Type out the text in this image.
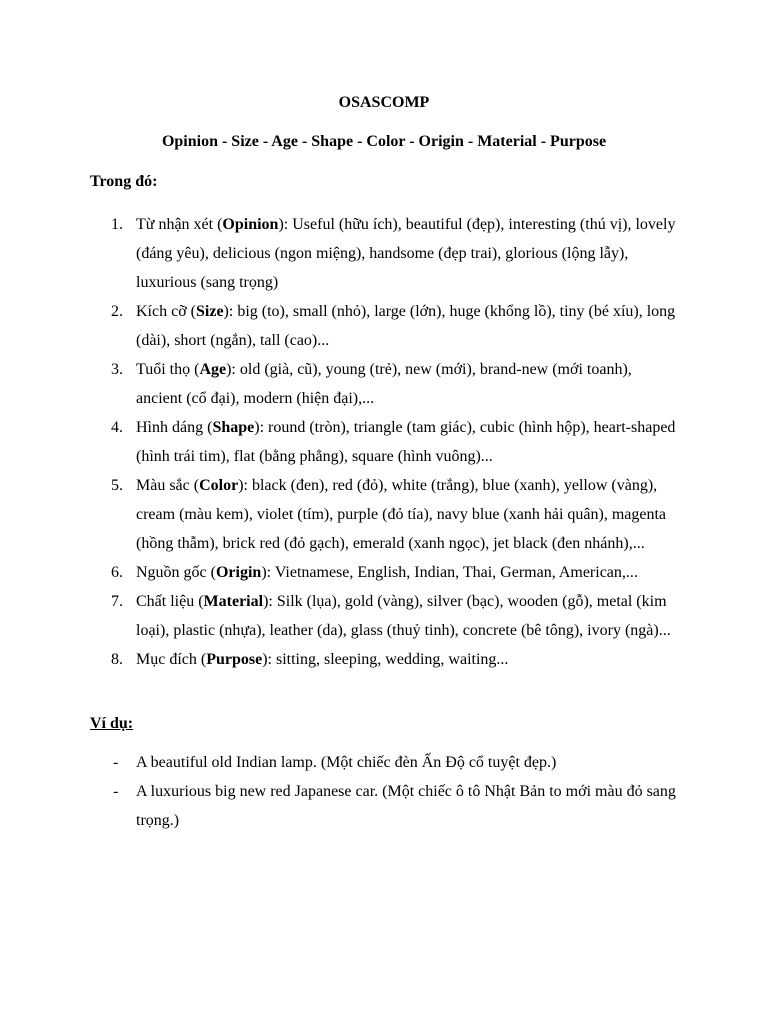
OSASCOMP
Opinion - Size - Age - Shape - Color - Origin - Material - Purpose
Trong đó:
1. Từ nhận xét (Opinion): Useful (hữu ích), beautiful (đẹp), interesting (thú vị), lovely (đáng yêu), delicious (ngon miệng), handsome (đẹp trai), glorious (lộng lẫy), luxurious (sang trọng)
2. Kích cỡ (Size): big (to), small (nhỏ), large (lớn), huge (khổng lồ), tiny (bé xíu), long (dài), short (ngắn), tall (cao)...
3. Tuổi thọ (Age): old (già, cũ), young (trẻ), new (mới), brand-new (mới toanh), ancient (cổ đại), modern (hiện đại),...
4. Hình dáng (Shape): round (tròn), triangle (tam giác), cubic (hình hộp), heart-shaped (hình trái tim), flat (bằng phẳng), square (hình vuông)...
5. Màu sắc (Color): black (đen), red (đỏ), white (trắng), blue (xanh), yellow (vàng), cream (màu kem), violet (tím), purple (đỏ tía), navy blue (xanh hải quân), magenta (hồng thẫm), brick red (đỏ gạch), emerald (xanh ngọc), jet black (đen nhánh),...
6. Nguồn gốc (Origin): Vietnamese, English, Indian, Thai, German, American,...
7. Chất liệu (Material): Silk (lụa), gold (vàng), silver (bạc), wooden (gỗ), metal (kim loại), plastic (nhựa), leather (da), glass (thuỷ tinh), concrete (bê tông), ivory (ngà)...
8. Mục đích (Purpose): sitting, sleeping, wedding, waiting...
Ví dụ:
- A beautiful old Indian lamp. (Một chiếc đèn Ấn Độ cổ tuyệt đẹp.)
- A luxurious big new red Japanese car. (Một chiếc ô tô Nhật Bản to mới màu đỏ sang trọng.)
